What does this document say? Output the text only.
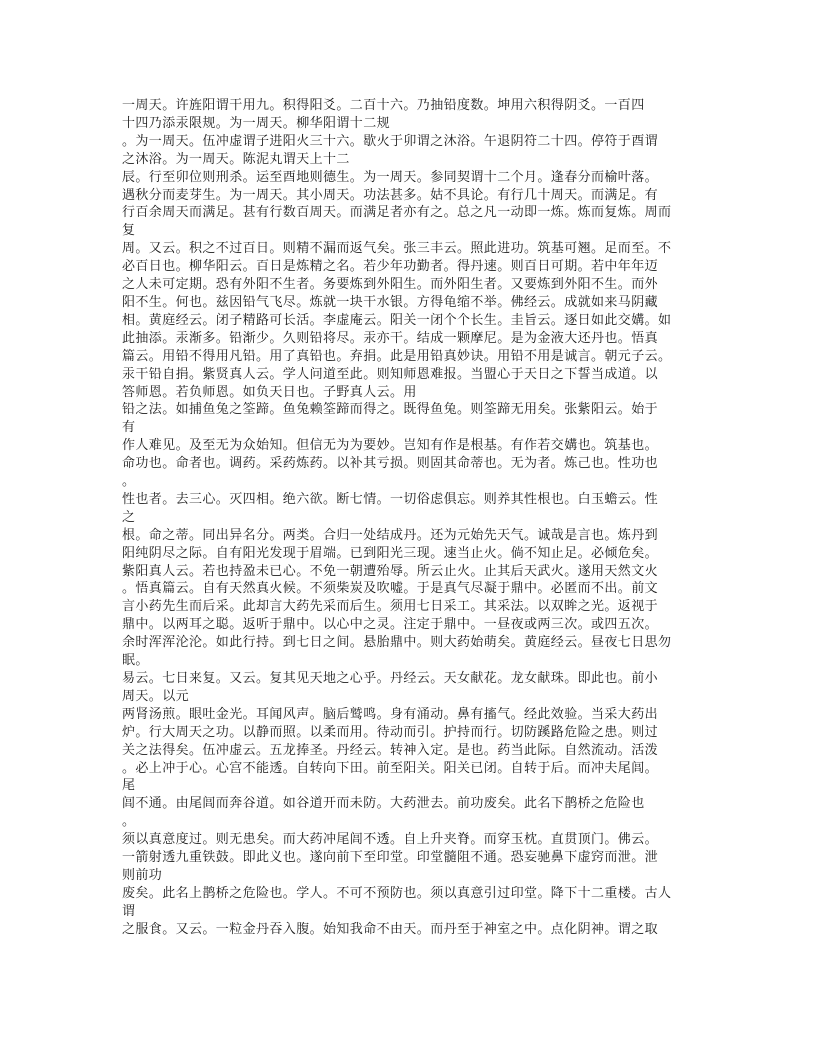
一周天。许旌阳谓干用九。积得阳爻。二百十六。乃抽铅度数。坤用六积得阴爻。一百四

十四乃添汞限规。为一周天。柳华阳谓十二规

。为一周天。伍冲虚谓子进阳火三十六。歇火于卯谓之沐浴。午退阴符二十四。停符于酉谓

之沐浴。为一周天。陈泥丸谓天上十二

辰。行至卯位则刑杀。运至酉地则德生。为一周天。参同契谓十二个月。逢春分而榆叶落。

遇秋分而麦芽生。为一周天。其小周天。功法甚多。姑不具论。有行几十周天。而满足。有

行百余周天而满足。甚有行数百周天。而满足者亦有之。总之凡一动即一炼。炼而复炼。周而

复

周。又云。积之不过百日。则精不漏而返气矣。张三丰云。照此进功。筑基可翘。足而至。不

必百日也。柳华阳云。百日是炼精之名。若少年功勤者。得丹速。则百日可期。若中年年迈

之人未可定期。恐有外阳不生者。务要炼到外阳生。而外阳生者。又要炼到外阳不生。而外

阳不生。何也。兹因铅气飞尽。炼就一块干水银。方得龟缩不举。佛经云。成就如来马阴藏

相。黄庭经云。闭子精路可长活。李虚庵云。阳关一闭个个长生。圭旨云。逐日如此交媾。如

此抽添。汞渐多。铅渐少。久则铅将尽。汞亦干。结成一颗摩尼。是为金液大还丹也。悟真

篇云。用铅不得用凡铅。用了真铅也。弃捐。此是用铅真妙诀。用铅不用是诚言。朝元子云。

汞干铅自捐。紫贤真人云。学人问道至此。则知师恩难报。当盟心于天日之下誓当成道。以

答师恩。若负师恩。如负天日也。子野真人云。用

铅之法。如捕鱼兔之筌蹄。鱼兔赖筌蹄而得之。既得鱼兔。则筌蹄无用矣。张紫阳云。始于

有

作人难见。及至无为众始知。但信无为为要妙。岂知有作是根基。有作若交媾也。筑基也。

命功也。命者也。调药。采药炼药。以补其亏损。则固其命蒂也。无为者。炼己也。性功也

。

性也者。去三心。灭四相。绝六欲。断七情。一切俗虑俱忘。则养其性根也。白玉蟾云。性

之

根。命之蒂。同出异名分。两类。合归一处结成丹。还为元始先天气。诚哉是言也。炼丹到

阳纯阴尽之际。自有阳光发现于眉端。已到阳光三现。速当止火。倘不知止足。必倾危矣。

紫阳真人云。若也持盈未已心。不免一朝遭殆辱。所云止火。止其后天武火。遂用天然文火

。悟真篇云。自有天然真火候。不须柴炭及吹嘘。于是真气尽凝于鼎中。必匿而不出。前文

言小药先生而后采。此却言大药先采而后生。须用七日采工。其采法。以双眸之光。返视于

鼎中。以两耳之聪。返听于鼎中。以心中之灵。注定于鼎中。一昼夜或两三次。或四五次。

余时浑浑沦沦。如此行持。到七日之间。悬胎鼎中。则大药始萌矣。黄庭经云。昼夜七日思勿

眠。

易云。七日来复。又云。复其见天地之心乎。丹经云。天女献花。龙女献珠。即此也。前小

周天。以元

两肾汤煎。眼吐金光。耳闻风声。脑后鹫鸣。身有涌动。鼻有搐气。经此效验。当采大药出

炉。行大周天之功。以静而照。以柔而用。待动而引。护持而行。切防蹊路危险之患。则过

关之法得矣。伍冲虚云。五龙捧圣。丹经云。转神入定。是也。药当此际。自然流动。活泼

。必上冲于心。心宫不能透。自转向下田。前至阳关。阳关已闭。自转于后。而冲夫尾闾。

尾

闾不通。由尾闾而奔谷道。如谷道开而未防。大药泄去。前功废矣。此名下鹊桥之危险也

。

须以真意度过。则无患矣。而大药冲尾闾不透。自上升夹脊。而穿玉枕。直贯顶门。佛云。

一箭射透九重铁鼓。即此义也。遂向前下至印堂。印堂髓阻不通。恐妄驰鼻下虚窍而泄。泄

则前功

废矣。此名上鹊桥之危险也。学人。不可不预防也。须以真意引过印堂。降下十二重楼。古人

谓

之服食。又云。一粒金丹吞入腹。始知我命不由天。而丹至于神室之中。点化阴神。谓之取
